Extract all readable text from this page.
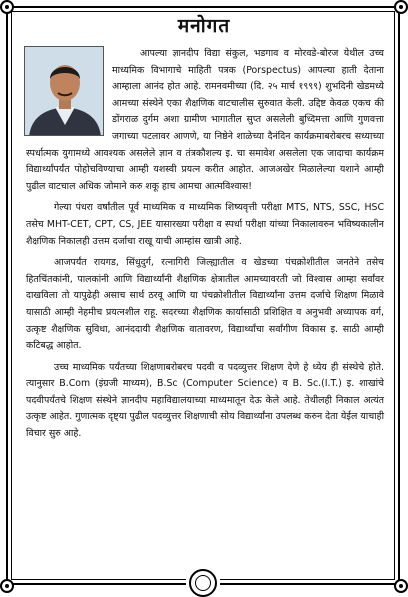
मनोगत

आपल्या ज्ञानदीप विद्या संकुल, भडगाव व मोरवडे-बोरज येथील उच्च माध्यमिक विभागाचे माहिती पत्रक (Porspectus) आपल्या हाती देताना आम्हाला आनंद होत आहे. रामनवमीच्या (दि. २५ मार्च १९९९) शुभदिनी खेडमध्ये आमच्या संस्थेने एका शैक्षणिक वाटचालीस सुरुवात केली. उद्दिष्ट केवळ एकच की डोंगराळ दुर्गम अशा ग्रामीण भागातील सुप्त असलेली बुध्दिमत्ता आणि गुणवत्ता जगाच्या पटलावर आणणे, या निष्ठेने शाळेच्या दैनंदिन कार्यक्रमाबरोबरच सध्याच्या स्पर्धात्मक युगामध्ये आवश्यक असलेले ज्ञान व तंत्रकौशल्य इ. चा समावेश असलेला एक जादाचा कार्यक्रम विद्यार्थ्यांपर्यंत पोहोचविण्याचा आम्ही यशस्वी प्रयत्न करीत आहोत. आजअखेर मिळालेल्या यशाने आम्ही पुढील वाटचाल अधिक जोमाने करु शकू हाच आमचा आत्मविश्वास!

गेल्या पंधरा वर्षांतील पूर्व माध्यमिक व माध्यमिक शिष्यवृत्ती परीक्षा MTS, NTS, SSC, HSC तसेच MHT-CET, CPT, CS, JEE यासारख्या परीक्षा व स्पर्धा परीक्षा यांच्या निकालावरुन भविष्यकालीन शैक्षणिक निकालही उत्तम दर्जाचा राखू याची आम्हांस खात्री आहे.

आजपर्यंत रायगड, सिंधुदुर्ग, रत्नागिरी जिल्ह्यातील व खेडच्या पंचक्रोशीतील जनतेने तसेच हितचिंतकांनी, पालकांनी आणि विद्यार्थ्यांनी शैक्षणिक क्षेत्रातील आमच्यावरती जो विश्वास आम्हा सर्वांवर दाखविला तो यापुढेही असाच सार्थ ठरवू आणि या पंचक्रोशीतील विद्यार्थ्यांना उत्तम दर्जाचे शिक्षण मिळावे यासाठी आम्ही नेहमीच प्रयत्नशील राहू. सदरच्या शैक्षणिक कार्यासाठी प्रशिक्षित व अनुभवी अध्यापक वर्ग, उत्कृष्ट शैक्षणिक सुविधा, आनंददायी शैक्षणिक वातावरण, विद्यार्थ्यांचा सर्वांगीण विकास इ. साठी आम्ही कटिबद्ध आहोत.

उच्च माध्यमिक पर्यंतच्या शिक्षणाबरोबरच पदवी व पदव्युत्तर शिक्षण देणे हे ध्येय ही संस्थेचे होते. त्यानुसार B.Com (इंग्रजी माध्यम), B.Sc (Computer Science) व B. Sc.(I.T.) इ. शाखांचे पदवीपर्यंतचे शिक्षण संस्थेने ज्ञानदीप महाविद्यालयाच्या माध्यमातून देऊ केले आहे. तेथीलही निकाल अत्यंत उत्कृष्ट आहेत. गुणात्मक दृष्ट्या पुढील पदव्युत्तर शिक्षणाची सोय विद्यार्थ्यांना उपलब्ध करुन देता येईल याचाही विचार सुरु आहे.
